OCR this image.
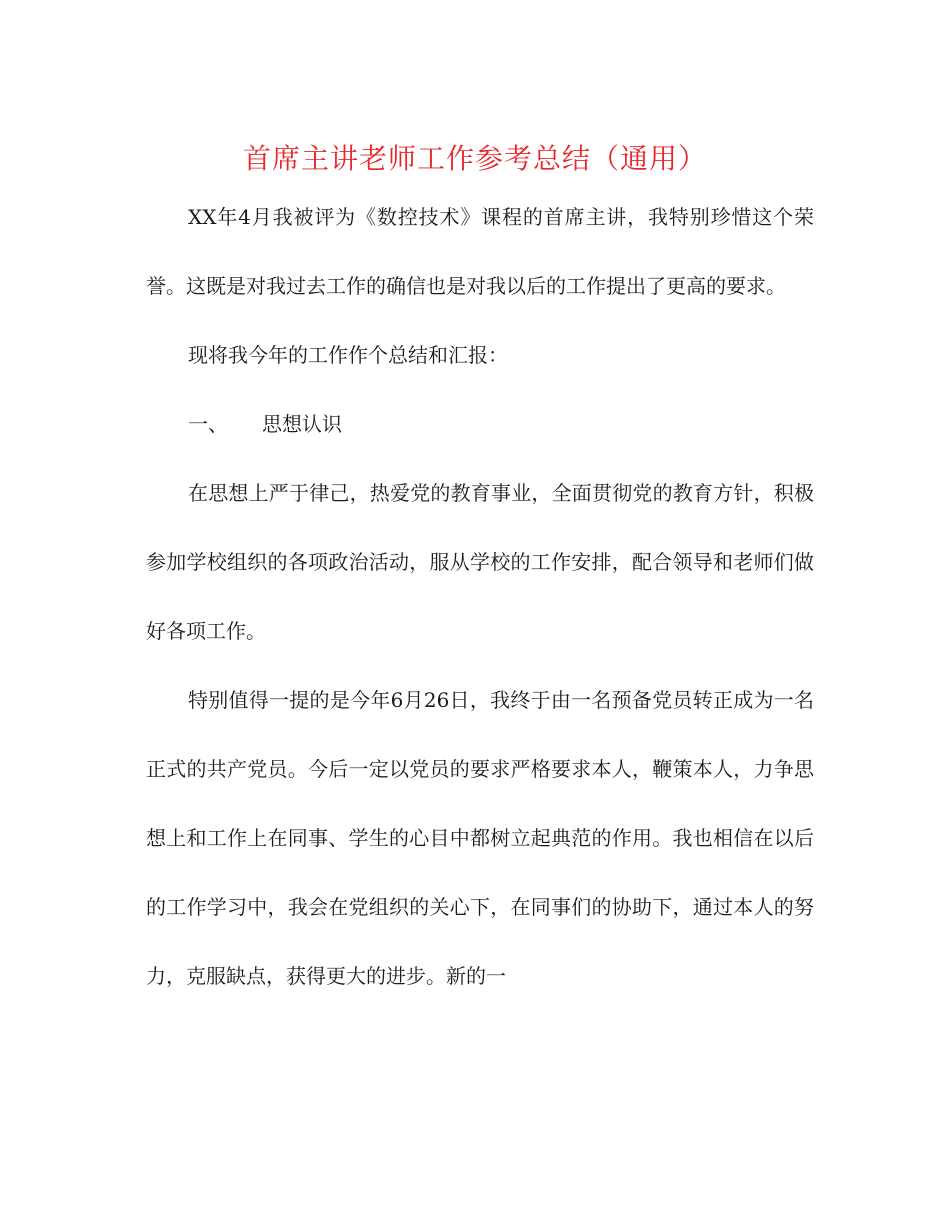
首席主讲老师工作参考总结（通用）

XX年4月我被评为《数控技术》课程的首席主讲，我特别珍惜这个荣誉。这既是对我过去工作的确信也是对我以后的工作提出了更高的要求。

现将我今年的工作作个总结和汇报：

一、 思想认识

在思想上严于律己，热爱党的教育事业，全面贯彻党的教育方针，积极参加学校组织的各项政治活动，服从学校的工作安排，配合领导和老师们做好各项工作。

特别值得一提的是今年6月26日，我终于由一名预备党员转正成为一名正式的共产党员。今后一定以党员的要求严格要求本人，鞭策本人，力争思想上和工作上在同事、学生的心目中都树立起典范的作用。我也相信在以后的工作学习中，我会在党组织的关心下，在同事们的协助下，通过本人的努力，克服缺点，获得更大的进步。新的一
